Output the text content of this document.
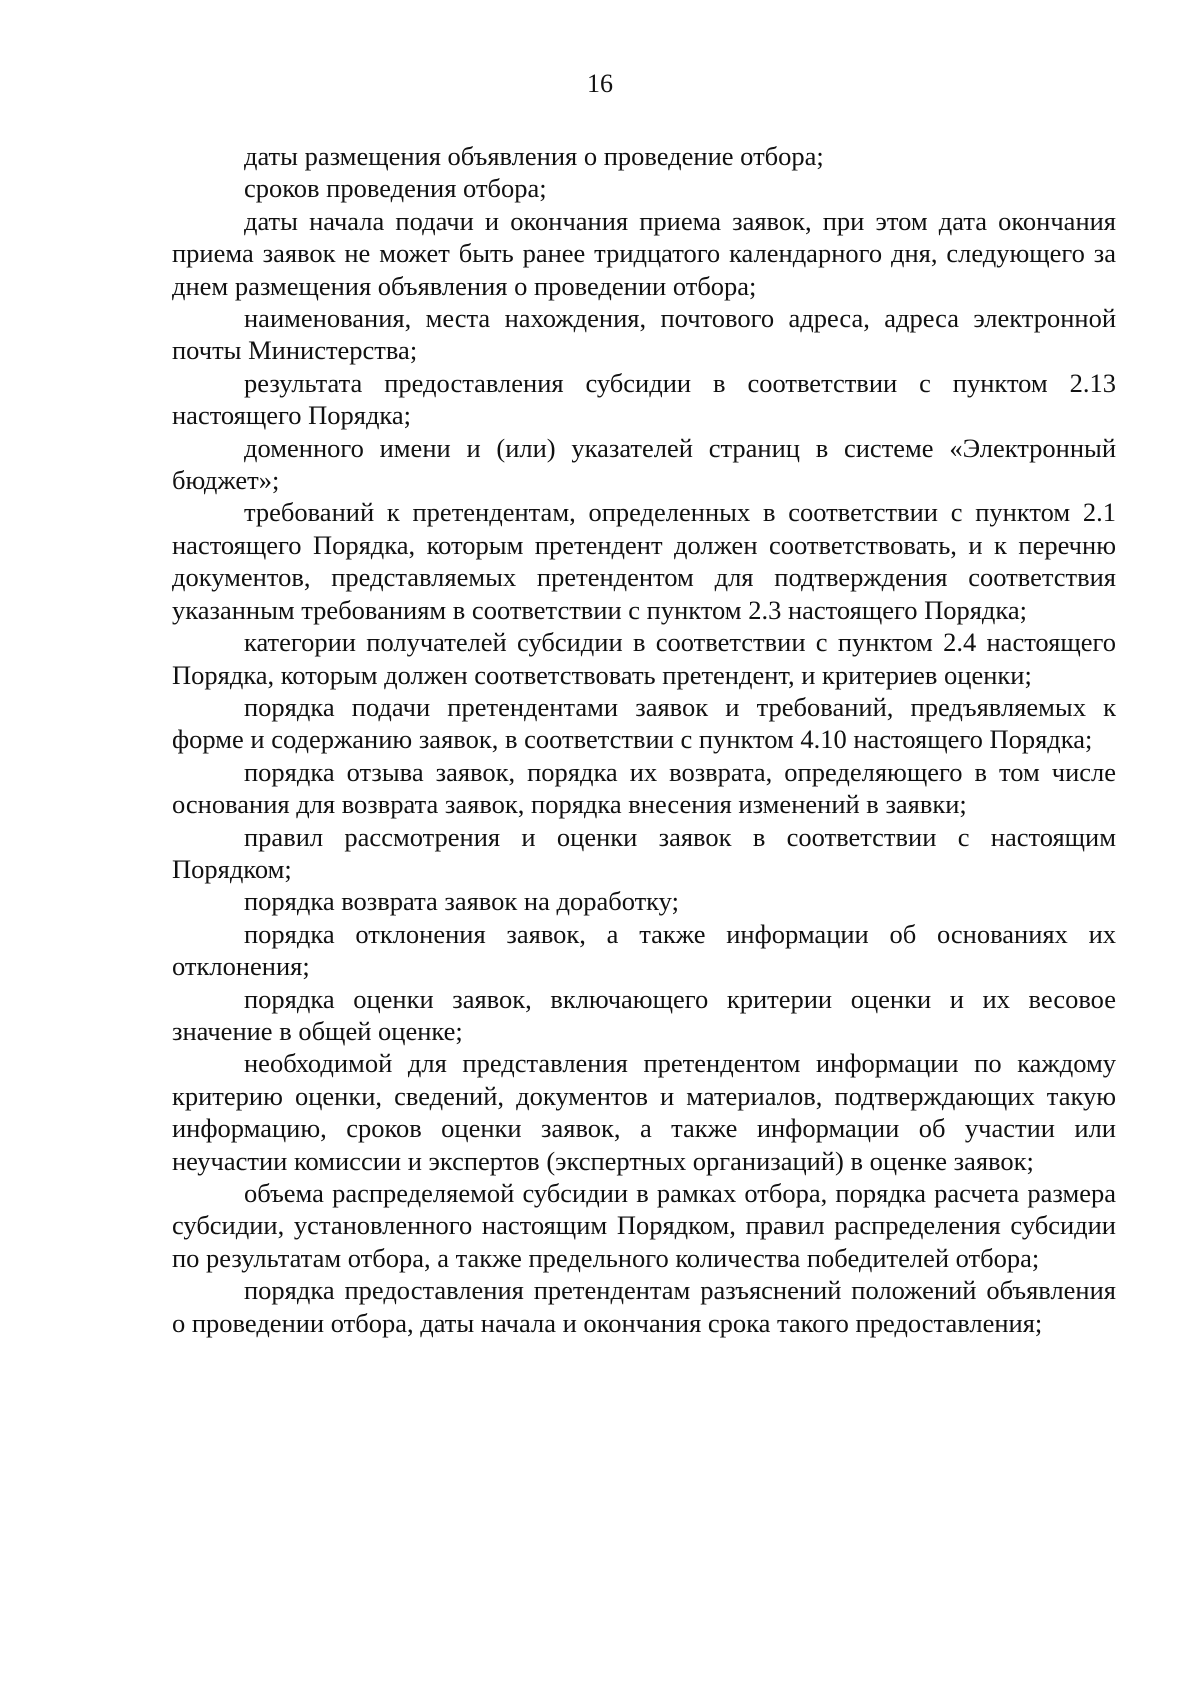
16

даты размещения объявления о проведение отбора;

сроков проведения отбора;

даты начала подачи и окончания приема заявок, при этом дата окончания приема заявок не может быть ранее тридцатого календарного дня, следующего за днем размещения объявления о проведении отбора;

наименования, места нахождения, почтового адреса, адреса электронной почты Министерства;

результата предоставления субсидии в соответствии с пунктом 2.13 настоящего Порядка;

доменного имени и (или) указателей страниц в системе «Электронный бюджет»;

требований к претендентам, определенных в соответствии с пунктом 2.1 настоящего Порядка, которым претендент должен соответствовать, и к перечню документов, представляемых претендентом для подтверждения соответствия указанным требованиям в соответствии с пунктом 2.3 настоящего Порядка;

категории получателей субсидии в соответствии с пунктом 2.4 настоящего Порядка, которым должен соответствовать претендент, и критериев оценки;

порядка подачи претендентами заявок и требований, предъявляемых к форме и содержанию заявок, в соответствии с пунктом 4.10 настоящего Порядка;

порядка отзыва заявок, порядка их возврата, определяющего в том числе основания для возврата заявок, порядка внесения изменений в заявки;

правил рассмотрения и оценки заявок в соответствии с настоящим Порядком;

порядка возврата заявок на доработку;

порядка отклонения заявок, а также информации об основаниях их отклонения;

порядка оценки заявок, включающего критерии оценки и их весовое значение в общей оценке;

необходимой для представления претендентом информации по каждому критерию оценки, сведений, документов и материалов, подтверждающих такую информацию, сроков оценки заявок, а также информации об участии или неучастии комиссии и экспертов (экспертных организаций) в оценке заявок;

объема распределяемой субсидии в рамках отбора, порядка расчета размера субсидии, установленного настоящим Порядком, правил распределения субсидии по результатам отбора, а также предельного количества победителей отбора;

порядка предоставления претендентам разъяснений положений объявления о проведении отбора, даты начала и окончания срока такого предоставления;
